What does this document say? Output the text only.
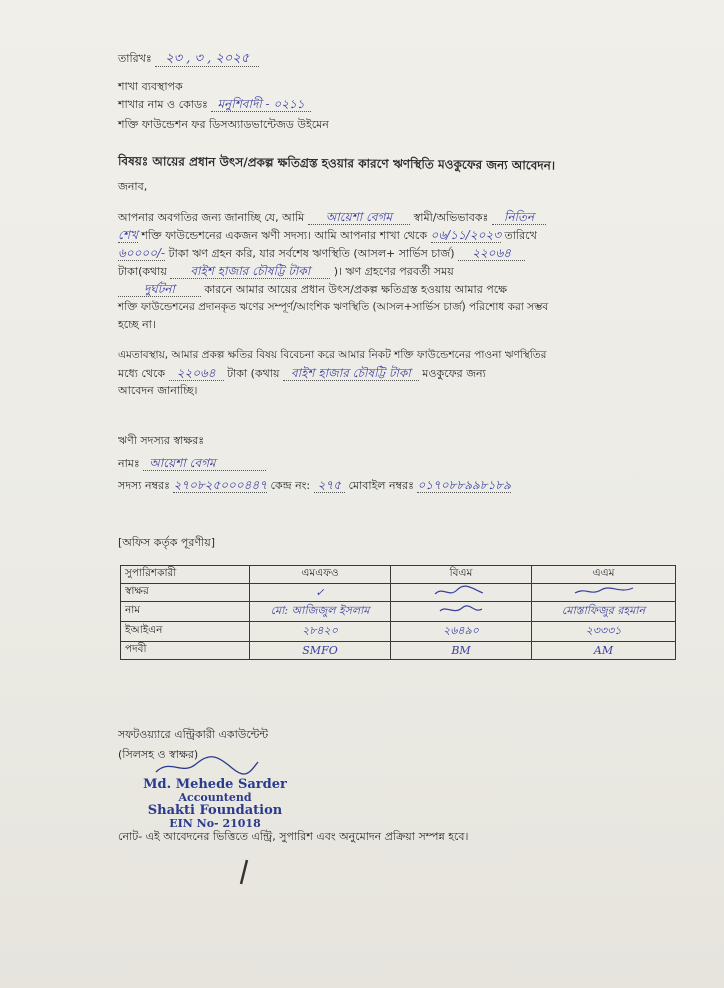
তারিখঃ ২৩ , ৩ , ২০২৫
শাখা ব্যবস্থাপক
শাখার নাম ও কোডঃ মনুশিবাদী - ০২১১
শক্তি ফাউন্ডেশন ফর ডিসঅ্যাডভান্টেজড উইমেন
বিষয়ঃ আয়ের প্রধান উৎস/প্রকল্প ক্ষতিগ্রস্ত হওয়ার কারণে ঋণস্থিতি মওকুফের জন্য আবেদন।
জনাব,
আপনার অবগতির জন্য জানাচ্ছি যে, আমি আয়েশা বেগম স্বামী/অভিভাবকঃ নিতিন
শেখ শক্তি ফাউন্ডেশনের একজন ঋণী সদস্য। আমি আপনার শাখা থেকে ০৬/১১/২০২৩ তারিখে
৬০০০০/- টাকা ঋণ গ্রহন করি, যার সর্বশেষ ঋণস্থিতি (আসল+ সার্ভিস চার্জ) ২২০৬৪
টাকা(কথায় বাইশ হাজার চৌষট্টি টাকা )। ঋণ গ্রহণের পরবর্তী সময়
দুর্ঘটনা	কারনে আমার আয়ের প্রধান উৎস/প্রকল্প ক্ষতিগ্রস্ত হওয়ায় আমার পক্ষে
শক্তি ফাউন্ডেশনের প্রদানকৃত ঋণের সম্পূর্ণ/আংশিক ঋণস্থিতি (আসল+সার্ভিস চার্জ) পরিশোধ করা সম্ভব
হচ্ছে না।
এমতাবস্থায়, আমার প্রকল্প ক্ষতির বিষয় বিবেচনা করে আমার নিকট শক্তি ফাউন্ডেশনের পাওনা ঋণস্থিতির
মধ্যে থেকে ২২০৬৪ টাকা (কথায় বাইশ হাজার চৌষট্টি টাকা মওকুফের জন্য
আবেদন জানাচ্ছি।
ঋণী সদস্যর স্বাক্ষরঃ
নামঃ আয়েশা বেগম
সদস্য নম্বরঃ ২৭০৮২৫০০০৪৪৭ কেন্দ্র নং: ২৭৫ মোবাইল নম্বরঃ ০১৭০৮৮৯৯৮১৮৯
[অফিস কর্তৃক পূরণীয়]
সুপারিশকারী	এমএফও	বিএম	এএম
স্বাক্ষর	✓		
নাম	মো: আজিজুল ইসলাম		মোস্তাফিজুর রহমান
ইআইএন	২৮৪২০	২৬৪৯০	২৩৩৩১
পদবী	SMFO	BM	AM
সফটওয়্যারে এন্ট্রিকারী একাউন্টেন্ট
(সিলসহ ও স্বাক্ষর)
Md. Mehede Sarder
Accountend
Shakti Foundation
EIN No- 21018
নোট- এই আবেদনের ভিত্তিতে এন্ট্রি, সুপারিশ এবং অনুমোদন প্রক্রিয়া সম্পন্ন হবে।
